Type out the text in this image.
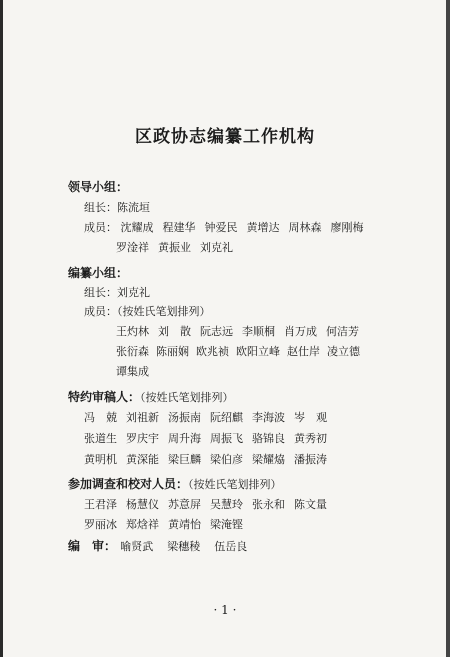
区政协志编纂工作机构
领导小组：
组长：陈流垣
成员： 沈耀成 程建华 钟爱民 黄增达 周林森 廖刚梅
罗淦祥 黄振业 刘克礼
编纂小组：
组长：刘克礼
成员：（按姓氏笔划排列）
王灼林 刘　散 阮志远 李顺桐 肖万成 何洁芳
张衍森 陈丽娴 欧兆祯 欧阳立峰 赵仕岸 凌立德
谭集成
特约审稿人：（按姓氏笔划排列）
冯　兢 刘祖新 汤振南 阮绍麒 李海波 岑　观
张道生 罗庆宇 周升海 周振飞 骆锦良 黄秀初
黄明机 黄深能 梁巨麟 梁伯彦 梁耀㶸 潘振涛
参加调查和校对人员：（按姓氏笔划排列）
王君泽 杨慧仪 苏意屏 吴慧玲 张永和 陈文量
罗丽冰 郑焓祥 黄靖怡 梁淹铿
编　审： 喻贤武 梁穗稜 伍岳良
· 1 ·
